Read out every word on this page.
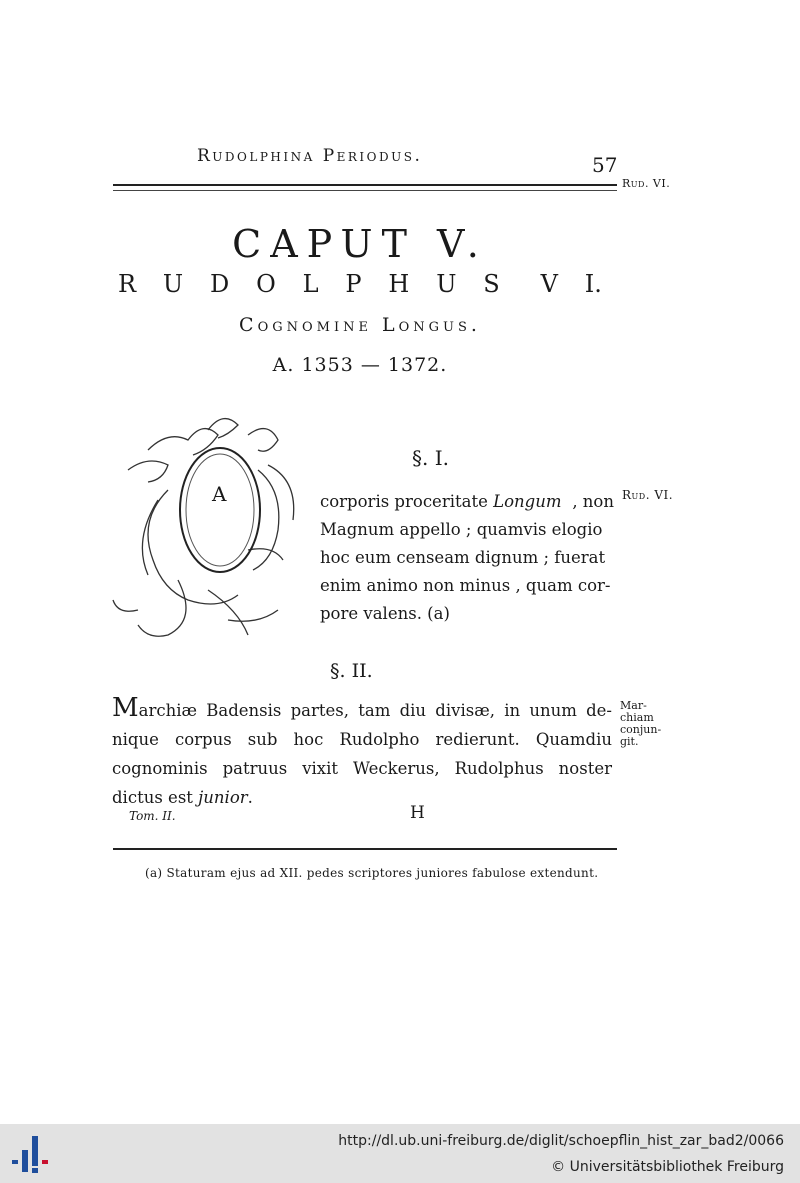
Rudolphina Periodus.	57
Rud. VI.
CAPUT V.
R U D O L P H U S V I.
Cognomine Longus.
A. 1353 — 1372.
A
§. I.
corporis proceritate Longum , non
Magnum appello ; quamvis elogio
hoc eum censeam dignum ; fuerat
enim animo non minus , quam cor-
pore valens. (a)
Rud. VI.
§. II.
Marchiæ Badensis partes, tam diu divisæ, in unum de- nique corpus sub hoc Rudolpho redierunt. Quamdiu cognominis patruus vixit Weckerus, Rudolphus noster dictus est junior.
Mar-
chiam
conjun-
git.
Tom. II.	H
(a) Staturam ejus ad XII. pedes scriptores juniores fabulose extendunt.
http://dl.ub.uni-freiburg.de/diglit/schoepflin_hist_zar_bad2/0066
© Universitätsbibliothek Freiburg
